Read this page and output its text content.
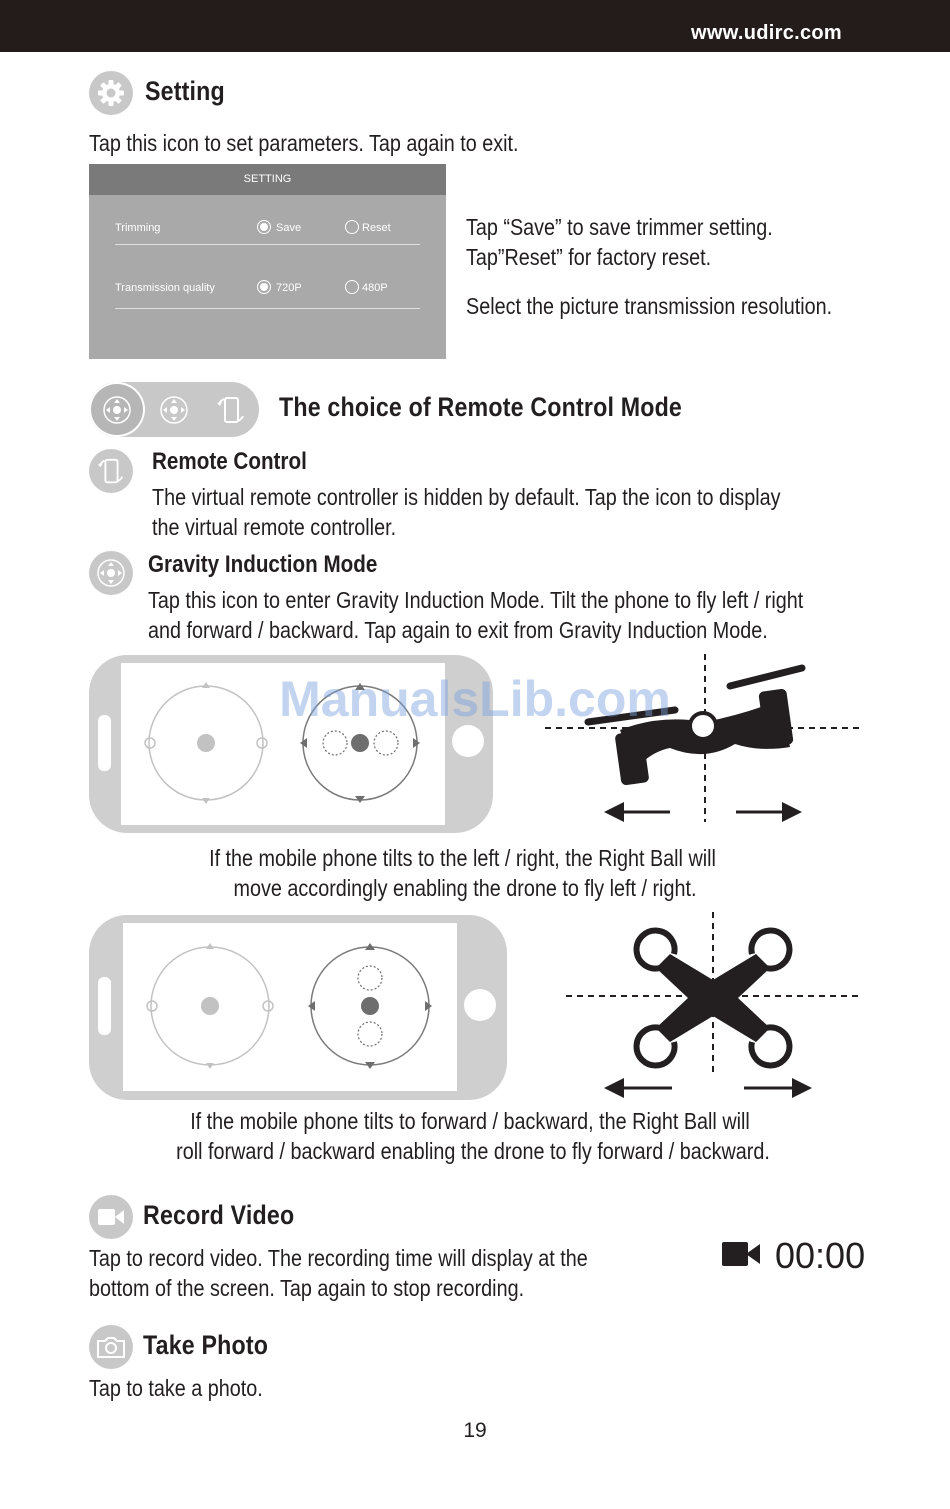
www.udirc.com
Setting
Tap this icon to set parameters. Tap again to exit.
SETTING
Trimming	Save	Reset
Transmission quality	720P	480P
Tap “Save” to save trimmer setting.
Tap”Reset” for factory reset.
Select the picture transmission resolution.
The choice of Remote Control Mode
Remote Control
The virtual remote controller is hidden by default. Tap the icon to display
the virtual remote controller.
Gravity Induction Mode
Tap this icon to enter Gravity Induction Mode. Tilt the phone to fly left / right
and forward / backward. Tap again to exit from Gravity Induction Mode.
ManualsLib.com
If the mobile phone tilts to the left / right, the Right Ball will
move accordingly enabling the drone to fly left / right.
If the mobile phone tilts to forward / backward, the Right Ball will
roll forward / backward enabling the drone to fly forward / backward.
Record Video
Tap to record video. The recording time will display at the
bottom of the screen. Tap again to stop recording.
00:00
Take Photo
Tap to take a photo.
19
